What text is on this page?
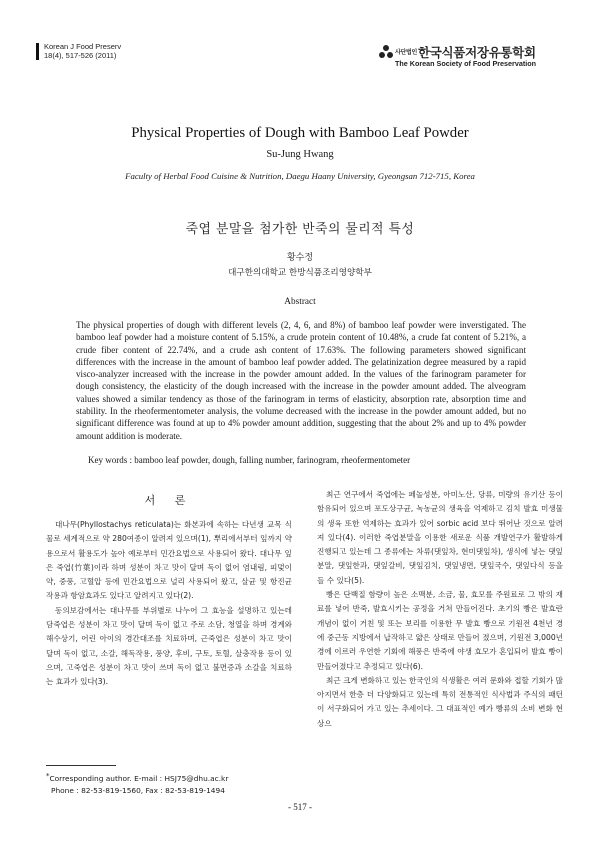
Korean J Food Preserv
18(4), 517-526 (2011)	$^{사단법인}$한국식품저장유통학회
The Korean Society of Food Preservation
Physical Properties of Dough with Bamboo Leaf Powder
Su-Jung Hwang
Faculty of Herbal Food Cuisine & Nutrition, Daegu Haany University, Gyeongsan 712-715, Korea
죽엽 분말을 첨가한 반죽의 물리적 특성
황수정
대구한의대학교 한방식품조리영양학부
Abstract
The physical properties of dough with different levels (2, 4, 6, and 8%) of bamboo leaf powder were inverstigated. The bamboo leaf powder had a moisture content of 5.15%, a crude protein content of 10.48%, a crude fat content of 5.21%, a crude fiber content of 22.74%, and a crude ash content of 17.63%. The following parameters showed significant differences with the increase in the amount of bamboo leaf powder added. The gelatinization degree measured by a rapid visco-analyzer increased with the increase in the powder amount added. In the values of the farinogram parameter for dough consistency, the elasticity of the dough increased with the increase in the powder amount added. The alveogram values showed a similar tendency as those of the farinogram in terms of elasticity, absorption rate, absorption time and stability. In the rheofermentometer analysis, the volume decreased with the increase in the powder amount added, but no significant difference was found at up to 4% powder amount addition, suggesting that the about 2% and up to 4% powder amount addition is moderate.
Key words : bamboo leaf powder, dough, falling number, farinogram, rheofermentometer
서 론

대나무(Phyllostachys reticulata)는 화본과에 속하는 다년생 교목 식물로 세계적으로 약 280여종이 알려져 있으며(1), 뿌리에서부터 잎까지 약용으로서 활용도가 높아 예로부터 민간요법으로 사용되어 왔다. 대나무 잎은 죽엽(竹葉)이라 하며 성분이 차고 맛이 달며 독이 없어 염내림, 피멎이약, 중풍, 고혈압 등에 민간요법으로 널리 사용되어 왔고, 살균 및 항진균 작용과 항암효과도 있다고 알려지고 있다(2).

동의보감에서는 대나무를 부위별로 나누어 그 효능을 설명하고 있는데 담죽엽은 성분이 차고 맛이 달며 독이 없고 주로 소담, 청열을 하며 경계와 해수상기, 어린 아이의 경간대조를 치료하며, 근죽엽은 성분이 차고 맛이 달며 독이 없고, 소갈, 해독작용, 풍양, 후비, 구토, 토혈, 살충작용 등이 있으며, 고죽엽은 성분이 차고 맛이 쓰며 독이 없고 불면증과 소갈을 치료하는 효과가 있다(3).

최근 연구에서 죽엽에는 페놀성분, 아미노산, 당류, 미량의 유기산 등이 함유되어 있으며 포도상구균, 녹농균의 생육을 억제하고 김치 발효 미생물의 생육 또한 억제하는 효과가 있어 sorbic acid 보다 뛰어난 것으로 알려져 있다(4). 이러한 죽엽분말을 이용한 새로운 식품 개발연구가 활발하게 진행되고 있는데 그 종류에는 차류(댓잎차, 현미댓잎차), 생식에 넣는 댓잎분말, 댓잎한과, 댓잎갈비, 댓잎김치, 댓잎냉면, 댓잎국수, 댓잎다식 등을 들 수 있다(5).

빵은 단백질 함량이 높은 소맥분, 소금, 물, 효모를 주원료로 그 밖의 재료를 넣어 반죽, 발효시키는 공정을 거쳐 만들어진다. 초기의 빵은 발효란 개념이 없이 거친 및 또는 보리를 이용한 무 발효 빵으로 기원전 4천년 경에 중근동 지방에서 납작하고 얇은 상태로 만들어 졌으며, 기원전 3,000년경에 이르러 우연한 기회에 해풍은 반죽에 야생 효모가 혼입되어 발효 빵이 만들어졌다고 추정되고 있다(6).

최근 크게 변화하고 있는 한국인의 식생활은 여러 문화와 접할 기회가 많아지면서 한층 더 다양화되고 있는데 특히 전통적인 식사법과 주식의 패턴이 서구화되어 가고 있는 추세이다. 그 대표적인 예가 빵류의 소비 변화 현상으

*Corresponding author. E-mail : HSJ75@dhu.ac.kr
Phone : 82-53-819-1560, Fax : 82-53-819-1494
- 517 -
